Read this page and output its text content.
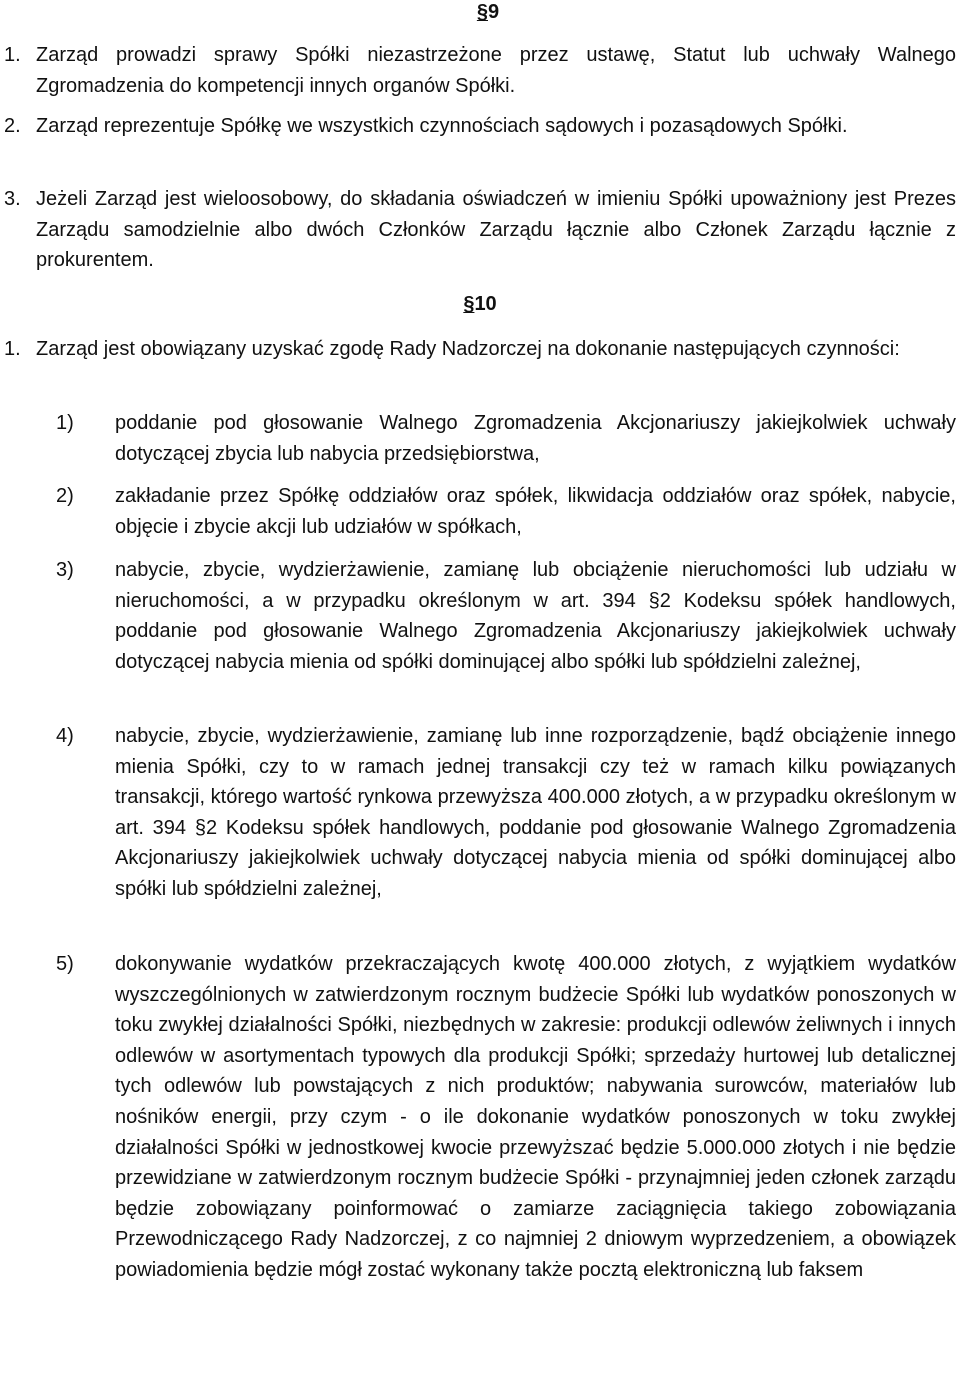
§9
1. Zarząd prowadzi sprawy Spółki niezastrzeżone przez ustawę, Statut lub uchwały Walnego Zgromadzenia do kompetencji innych organów Spółki.
2. Zarząd reprezentuje Spółkę we wszystkich czynnościach sądowych i pozasądowych Spółki.
3. Jeżeli Zarząd jest wieloosobowy, do składania oświadczeń w imieniu Spółki upoważniony jest Prezes Zarządu samodzielnie albo dwóch Członków Zarządu łącznie albo Członek Zarządu łącznie z prokurentem.
§10
1. Zarząd jest obowiązany uzyskać zgodę Rady Nadzorczej na dokonanie następujących czynności:
1) poddanie pod głosowanie Walnego Zgromadzenia Akcjonariuszy jakiejkolwiek uchwały dotyczącej zbycia lub nabycia przedsiębiorstwa,
2) zakładanie przez Spółkę oddziałów oraz spółek, likwidacja oddziałów oraz spółek, nabycie, objęcie i zbycie akcji lub udziałów w spółkach,
3) nabycie, zbycie, wydzierżawienie, zamianę lub obciążenie nieruchomości lub udziału w nieruchomości, a w przypadku określonym w art. 394 §2 Kodeksu spółek handlowych, poddanie pod głosowanie Walnego Zgromadzenia Akcjonariuszy jakiejkolwiek uchwały dotyczącej nabycia mienia od spółki dominującej albo spółki lub spółdzielni zależnej,
4) nabycie, zbycie, wydzierżawienie, zamianę lub inne rozporządzenie, bądź obciążenie innego mienia Spółki, czy to w ramach jednej transakcji czy też w ramach kilku powiązanych transakcji, którego wartość rynkowa przewyższa 400.000 złotych, a w przypadku określonym w art. 394 §2 Kodeksu spółek handlowych, poddanie pod głosowanie Walnego Zgromadzenia Akcjonariuszy jakiejkolwiek uchwały dotyczącej nabycia mienia od spółki dominującej albo spółki lub spółdzielni zależnej,
5) dokonywanie wydatków przekraczających kwotę 400.000 złotych, z wyjątkiem wydatków wyszczególnionych w zatwierdzonym rocznym budżecie Spółki lub wydatków ponoszonych w toku zwykłej działalności Spółki, niezbędnych w zakresie: produkcji odlewów żeliwnych i innych odlewów w asortymentach typowych dla produkcji Spółki; sprzedaży hurtowej lub detalicznej tych odlewów lub powstających z nich produktów; nabywania surowców, materiałów lub nośników energii, przy czym - o ile dokonanie wydatków ponoszonych w toku zwykłej działalności Spółki w jednostkowej kwocie przewyższać będzie 5.000.000 złotych i nie będzie przewidziane w zatwierdzonym rocznym budżecie Spółki - przynajmniej jeden członek zarządu będzie zobowiązany poinformować o zamiarze zaciągnięcia takiego zobowiązania Przewodniczącego Rady Nadzorczej, z co najmniej 2 dniowym wyprzedzeniem, a obowiązek powiadomienia będzie mógł zostać wykonany także pocztą elektroniczną lub faksem
